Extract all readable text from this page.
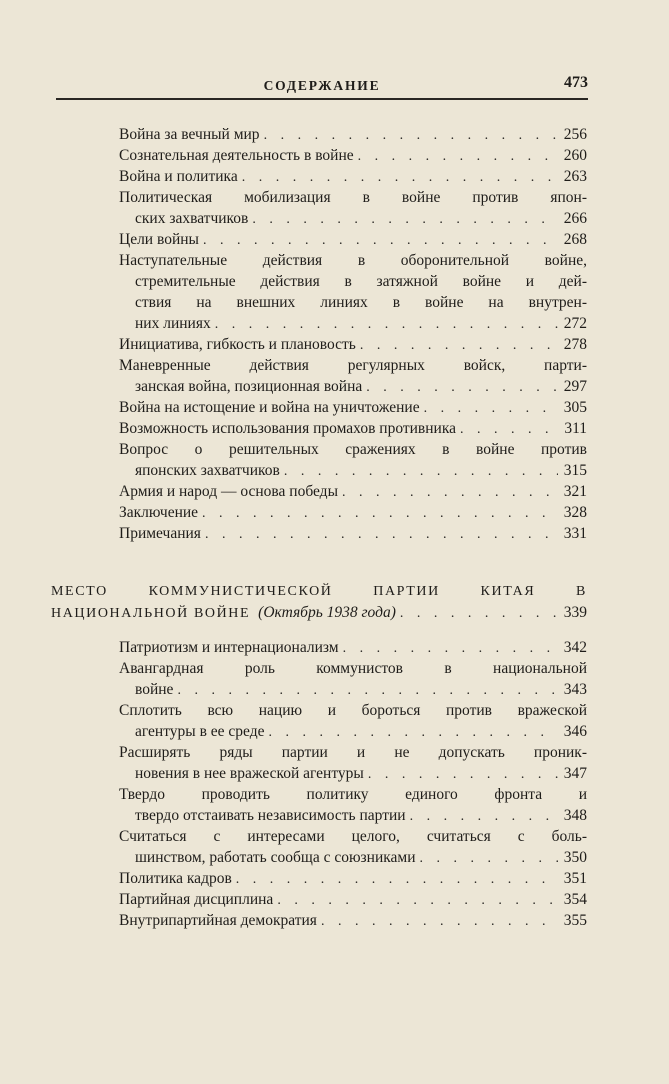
СОДЕРЖАНИЕ	473
Война за вечный мир . . .	256
Сознательная деятельность в войне . . .	260
Война и политика . . .	263
Политическая мобилизация в войне против япон-
ских захватчиков . . .	266
Цели войны . . .	268
Наступательные действия в оборонительной войне,
стремительные действия в затяжной войне и дей-
ствия на внешних линиях в войне на внутрен-
них линиях . . .	272
Инициатива, гибкость и плановость . . .	278
Маневренные действия регулярных войск, парти-
занская война, позиционная война . . .	297
Война на истощение и война на уничтожение . . .	305
Возможность использования промахов противника . . .	311
Вопрос о решительных сражениях в войне против
японских захватчиков . . .	315
Армия и народ — основа победы . . .	321
Заключение . . .	328
Примечания . . .	331
МЕСТО КОММУНИСТИЧЕСКОЙ ПАРТИИ КИТАЯ В
НАЦИОНАЛЬНОЙ ВОЙНЕ (Октябрь 1938 года) . . .	339
Патриотизм и интернационализм . . .	342
Авангардная роль коммунистов в национальной
войне . . .	343
Сплотить всю нацию и бороться против вражеской
агентуры в ее среде . . .	346
Расширять ряды партии и не допускать проник-
новения в нее вражеской агентуры . . .	347
Твердо проводить политику единого фронта и
твердо отстаивать независимость партии . . .	348
Считаться с интересами целого, считаться с боль-
шинством, работать сообща с союзниками . . .	350
Политика кадров . . .	351
Партийная дисциплина . . .	354
Внутрипартийная демократия . . .	355
